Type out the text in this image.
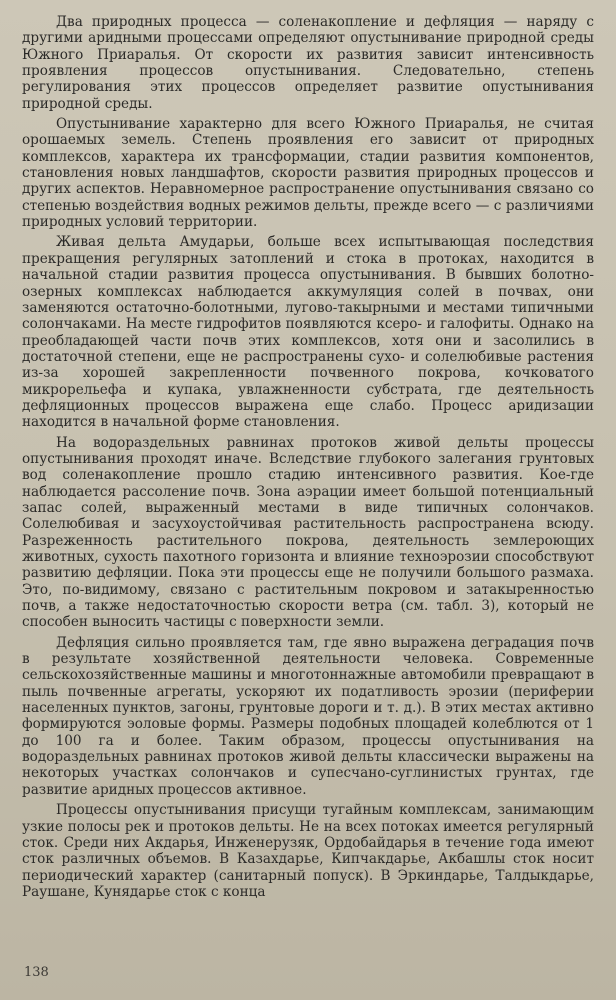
Два природных процесса — соленакопление и дефляция — наряду с другими аридными процессами определяют опустынивание природной среды Южного Приаралья. От скорости их развития зависит интенсивность проявления процессов опустынивания. Следовательно, степень регулирования этих процессов определяет развитие опустынивания природной среды.

Опустынивание характерно для всего Южного Приаралья, не считая орошаемых земель. Степень проявления его зависит от природных комплексов, характера их трансформации, стадии развития компонентов, становления новых ландшафтов, скорости развития природных процессов и других аспектов. Неравномерное распространение опустынивания связано со степенью воздействия водных режимов дельты, прежде всего — с различиями природных условий территории.

Живая дельта Амударьи, больше всех испытывающая последствия прекращения регулярных затоплений и стока в протоках, находится в начальной стадии развития процесса опустынивания. В бывших болотно-озерных комплексах наблюдается аккумуляция солей в почвах, они заменяются остаточно-болотными, лугово-такырными и местами типичными солончаками. На месте гидрофитов появляются ксеро- и галофиты. Однако на преобладающей части почв этих комплексов, хотя они и засолились в достаточной степени, еще не распространены сухо- и солелюбивые растения из-за хорошей закрепленности почвенного покрова, кочковатого микрорельефа и купака, увлажненности субстрата, где деятельность дефляционных процессов выражена еще слабо. Процесс аридизации находится в начальной форме становления.

На водораздельных равнинах протоков живой дельты процессы опустынивания проходят иначе. Вследствие глубокого залегания грунтовых вод соленакопление прошло стадию интенсивного развития. Кое-где наблюдается рассоление почв. Зона аэрации имеет большой потенциальный запас солей, выраженный местами в виде типичных солончаков. Солелюбивая и засухоустойчивая растительность распространена всюду. Разреженность растительного покрова, деятельность землероющих животных, сухость пахотного горизонта и влияние техноэрозии способствуют развитию дефляции. Пока эти процессы еще не получили большого размаха. Это, по-видимому, связано с растительным покровом и затакыренностью почв, а также недостаточностью скорости ветра (см. табл. 3), который не способен выносить частицы с поверхности земли.

Дефляция сильно проявляется там, где явно выражена деградация почв в результате хозяйственной деятельности человека. Современные сельскохозяйственные машины и многотоннажные автомобили превращают в пыль почвенные агрегаты, ускоряют их податливость эрозии (периферии населенных пунктов, загоны, грунтовые дороги и т. д.). В этих местах активно формируются эоловые формы. Размеры подобных площадей колеблются от 1 до 100 га и более. Таким образом, процессы опустынивания на водораздельных равнинах протоков живой дельты классически выражены на некоторых участках солончаков и супесчано-суглинистых грунтах, где развитие аридных процессов активное.

Процессы опустынивания присущи тугайным комплексам, занимающим узкие полосы рек и протоков дельты. Не на всех потоках имеется регулярный сток. Среди них Акдарья, Инженерузяк, Ордобайдарья в течение года имеют сток различных объемов. В Казахдарье, Кипчакдарье, Акбашлы сток носит периодический характер (санитарный попуск). В Эркиндарье, Талдыкдарье, Раушане, Кунядарье сток с конца

138
